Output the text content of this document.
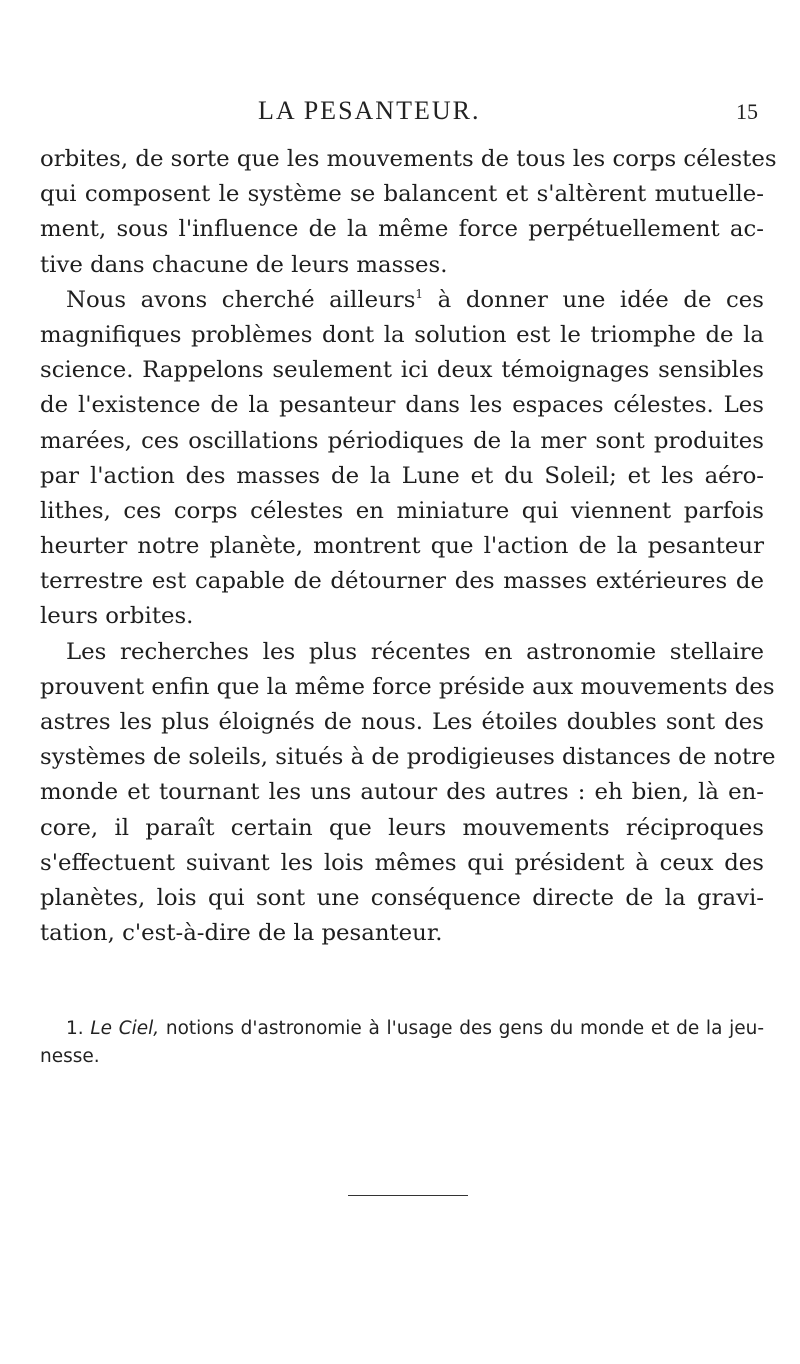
LA PESANTEUR.	15
orbites, de sorte que les mouvements de tous les corps célestes
qui composent le système se balancent et s'altèrent mutuelle-
ment, sous l'influence de la même force perpétuellement ac-
tive dans chacune de leurs masses.
Nous avons cherché ailleurs$^1$ à donner une idée de ces
magnifiques problèmes dont la solution est le triomphe de la
science. Rappelons seulement ici deux témoignages sensibles
de l'existence de la pesanteur dans les espaces célestes. Les
marées, ces oscillations périodiques de la mer sont produites
par l'action des masses de la Lune et du Soleil; et les aéro-
lithes, ces corps célestes en miniature qui viennent parfois
heurter notre planète, montrent que l'action de la pesanteur
terrestre est capable de détourner des masses extérieures de
leurs orbites.
Les recherches les plus récentes en astronomie stellaire
prouvent enfin que la même force préside aux mouvements des
astres les plus éloignés de nous. Les étoiles doubles sont des
systèmes de soleils, situés à de prodigieuses distances de notre
monde et tournant les uns autour des autres : eh bien, là en-
core, il paraît certain que leurs mouvements réciproques
s'effectuent suivant les lois mêmes qui président à ceux des
planètes, lois qui sont une conséquence directe de la gravi-
tation, c'est-à-dire de la pesanteur.
1. Le Ciel, notions d'astronomie à l'usage des gens du monde et de la jeu-
nesse.
